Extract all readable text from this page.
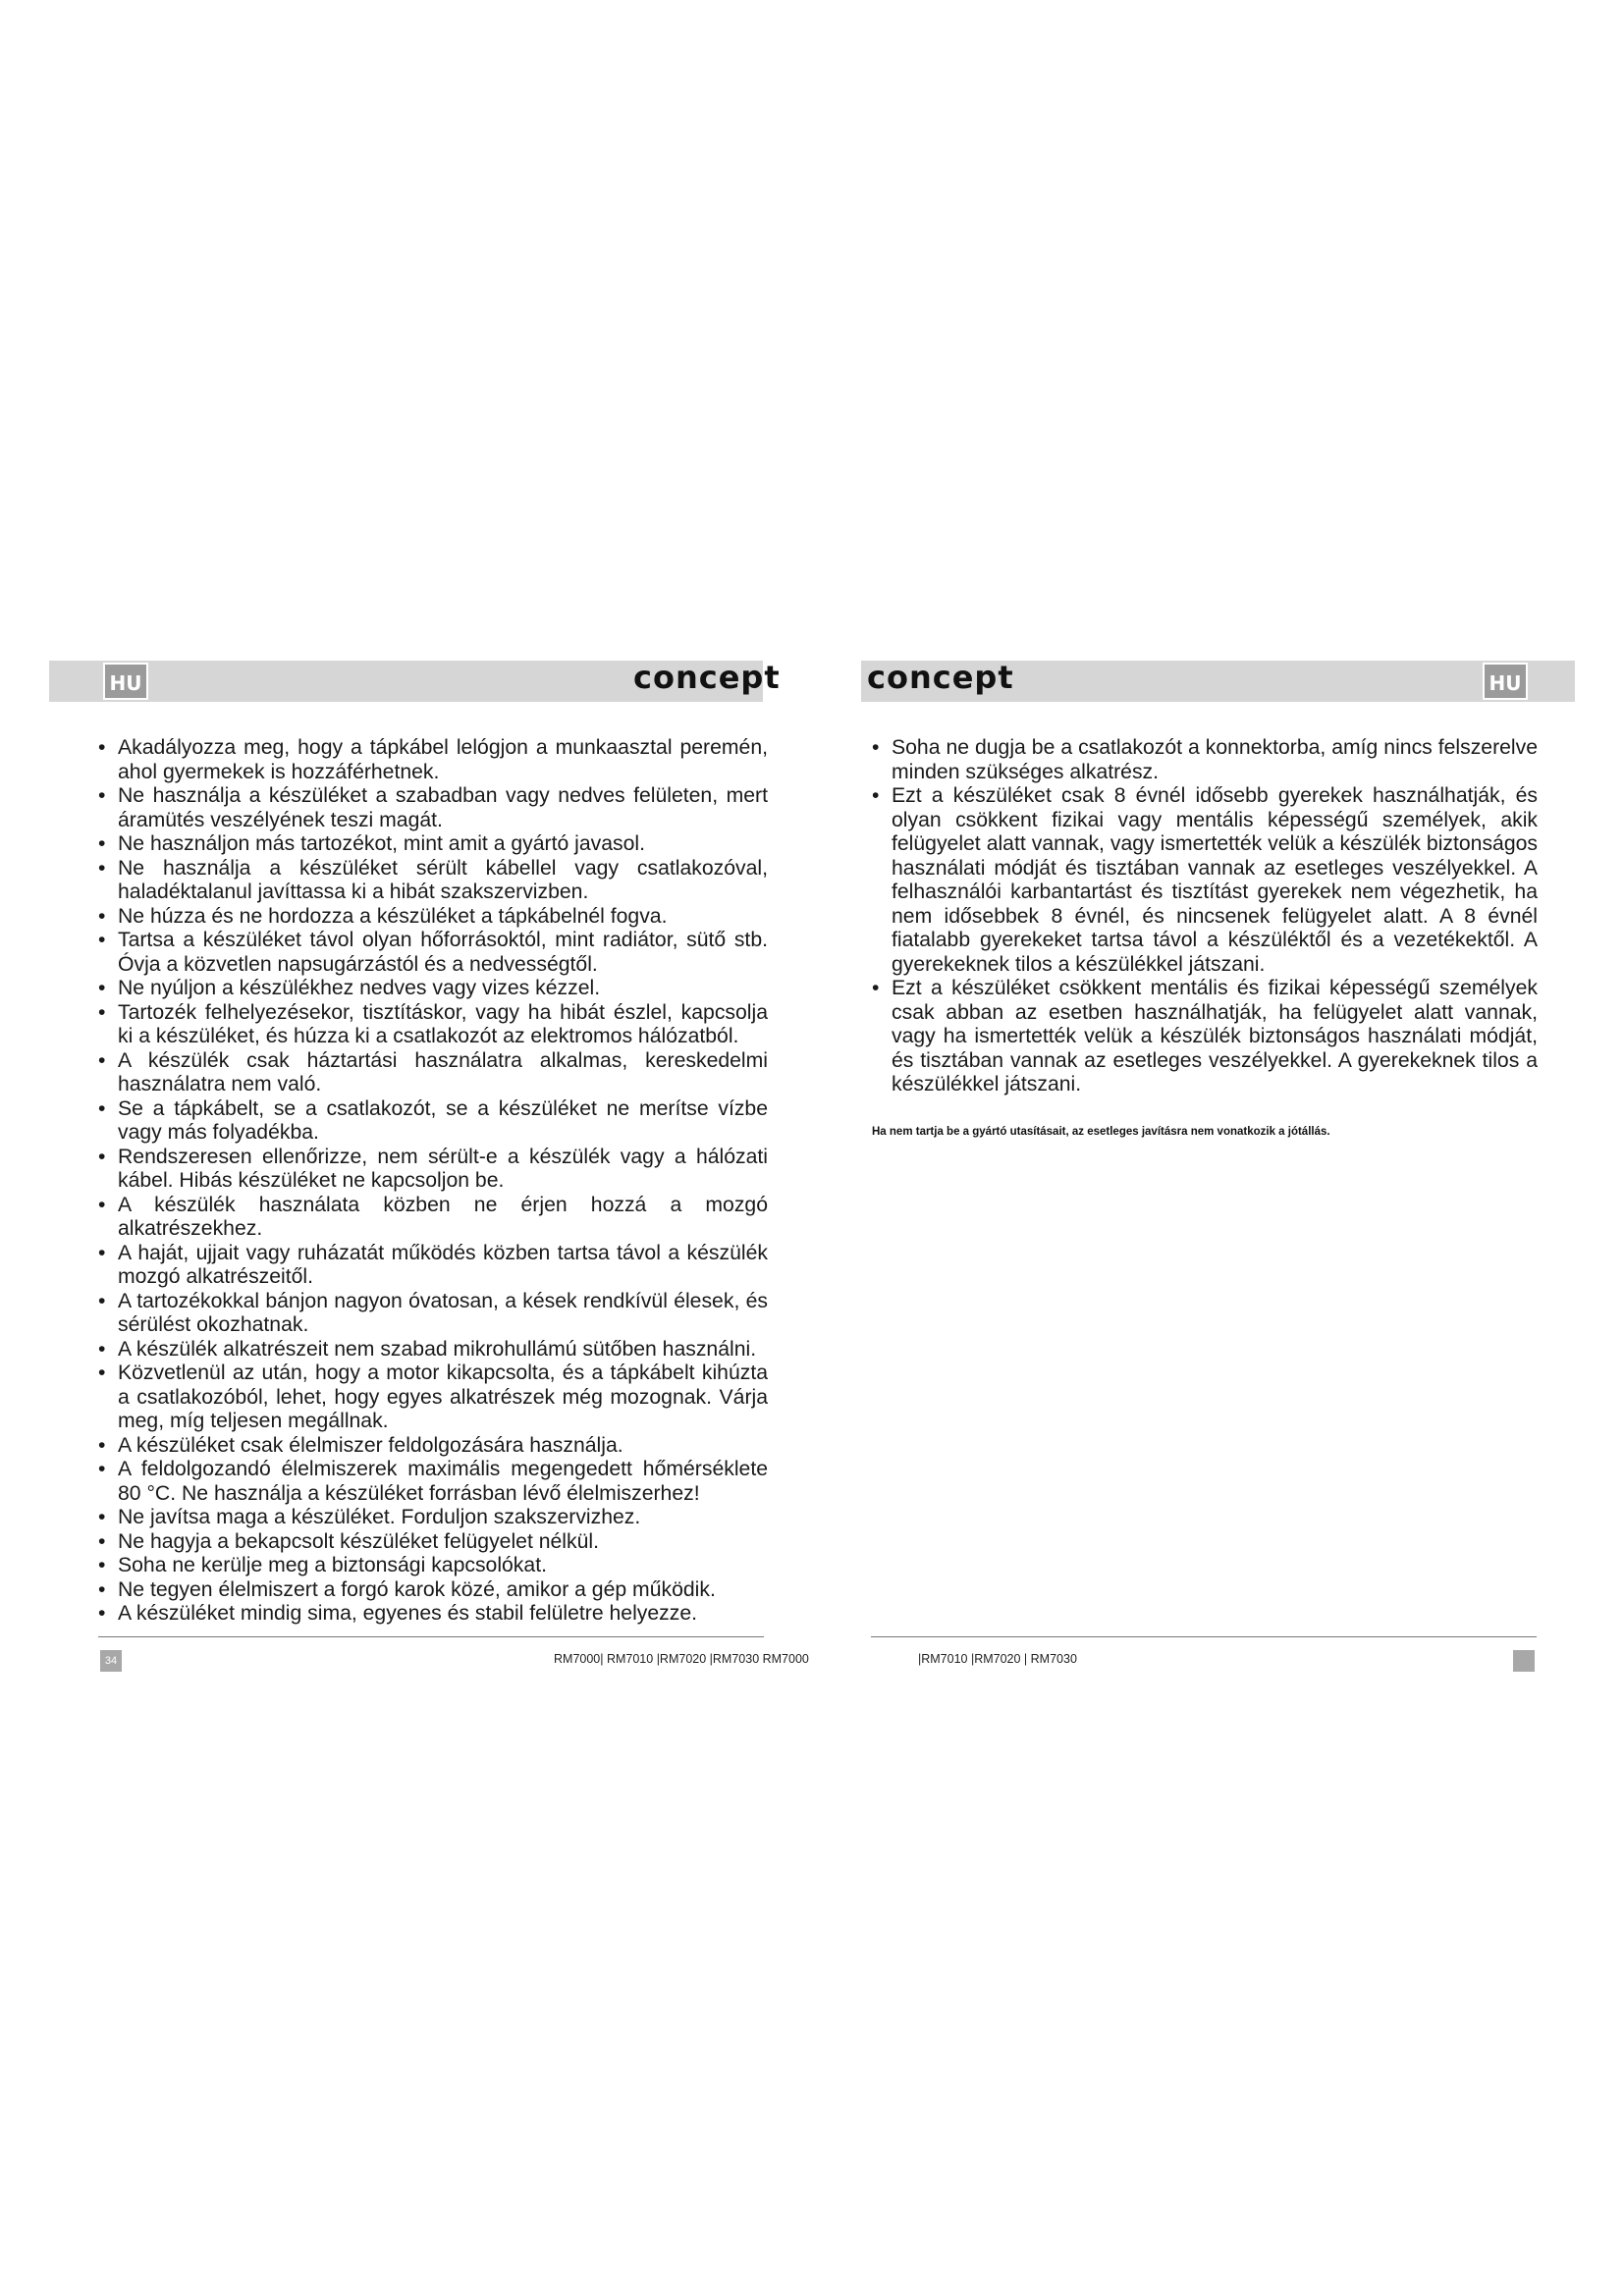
HU	HU
concept	concept
• Akadályozza meg, hogy a tápkábel lelógjon a munkaasztal peremén, ahol gyermekek is hozzáférhetnek.
• Ne használja a készüléket a szabadban vagy nedves felületen, mert áramütés veszélyének teszi magát.
• Ne használjon más tartozékot, mint amit a gyártó javasol.
• Ne használja a készüléket sérült kábellel vagy csatlakozóval, haladéktalanul javíttassa ki a hibát szakszervizben.
• Ne húzza és ne hordozza a készüléket a tápkábelnél fogva.
• Tartsa a készüléket távol olyan hőforrásoktól, mint radiátor, sütő stb. Óvja a közvetlen napsugárzástól és a nedvességtől.
• Ne nyúljon a készülékhez nedves vagy vizes kézzel.
• Tartozék felhelyezésekor, tisztításkor, vagy ha hibát észlel, kapcsolja ki a készüléket, és húzza ki a csatlakozót az elektromos hálózatból.
• A készülék csak háztartási használatra alkalmas, kereskedelmi használatra nem való.
• Se a tápkábelt, se a csatlakozót, se a készüléket ne merítse vízbe vagy más folyadékba.
• Rendszeresen ellenőrizze, nem sérült-e a készülék vagy a hálózati kábel. Hibás készüléket ne kapcsoljon be.
• A készülék használata közben ne érjen hozzá a mozgó alkatrészekhez.
• A haját, ujjait vagy ruházatát működés közben tartsa távol a készülék mozgó alkatrészeitől.
• A tartozékokkal bánjon nagyon óvatosan, a kések rendkívül élesek, és sérülést okozhatnak.
• A készülék alkatrészeit nem szabad mikrohullámú sütőben használni.
• Közvetlenül az után, hogy a motor kikapcsolta, és a tápkábelt kihúzta a csatlakozóból, lehet, hogy egyes alkatrészek még mozognak. Várja meg, míg teljesen megállnak.
• A készüléket csak élelmiszer feldolgozására használja.
• A feldolgozandó élelmiszerek maximális megengedett hőmérséklete 80 °C. Ne használja a készüléket forrásban lévő élelmiszerhez!
• Ne javítsa maga a készüléket. Forduljon szakszervizhez.
• Ne hagyja a bekapcsolt készüléket felügyelet nélkül.
• Soha ne kerülje meg a biztonsági kapcsolókat.
• Ne tegyen élelmiszert a forgó karok közé, amikor a gép működik.
• A készüléket mindig sima, egyenes és stabil felületre helyezze.
• Soha ne dugja be a csatlakozót a konnektorba, amíg nincs felszerelve minden szükséges alkatrész.
• Ezt a készüléket csak 8 évnél idősebb gyerekek használhatják, és olyan csökkent fizikai vagy mentális képességű személyek, akik felügyelet alatt vannak, vagy ismertették velük a készülék biztonságos használati módját és tisztában vannak az esetleges veszélyekkel. A felhasználói karbantartást és tisztítást gyerekek nem végezhetik, ha nem idősebbek 8 évnél, és nincsenek felügyelet alatt. A 8 évnél fiatalabb gyerekeket tartsa távol a készüléktől és a vezetékektől. A gyerekeknek tilos a készülékkel játszani.
• Ezt a készüléket csökkent mentális és fizikai képességű személyek csak abban az esetben használhatják, ha felügyelet alatt vannak, vagy ha ismertették velük a készülék biztonságos használati módját, és tisztában vannak az esetleges veszélyekkel. A gyerekeknek tilos a készülékkel játszani.
Ha nem tartja be a gyártó utasításait, az esetleges javításra nem vonatkozik a jótállás.
34	RM7000| RM7010 |RM7020 |RM7030 RM7000	|RM7010 |RM7020 | RM7030
